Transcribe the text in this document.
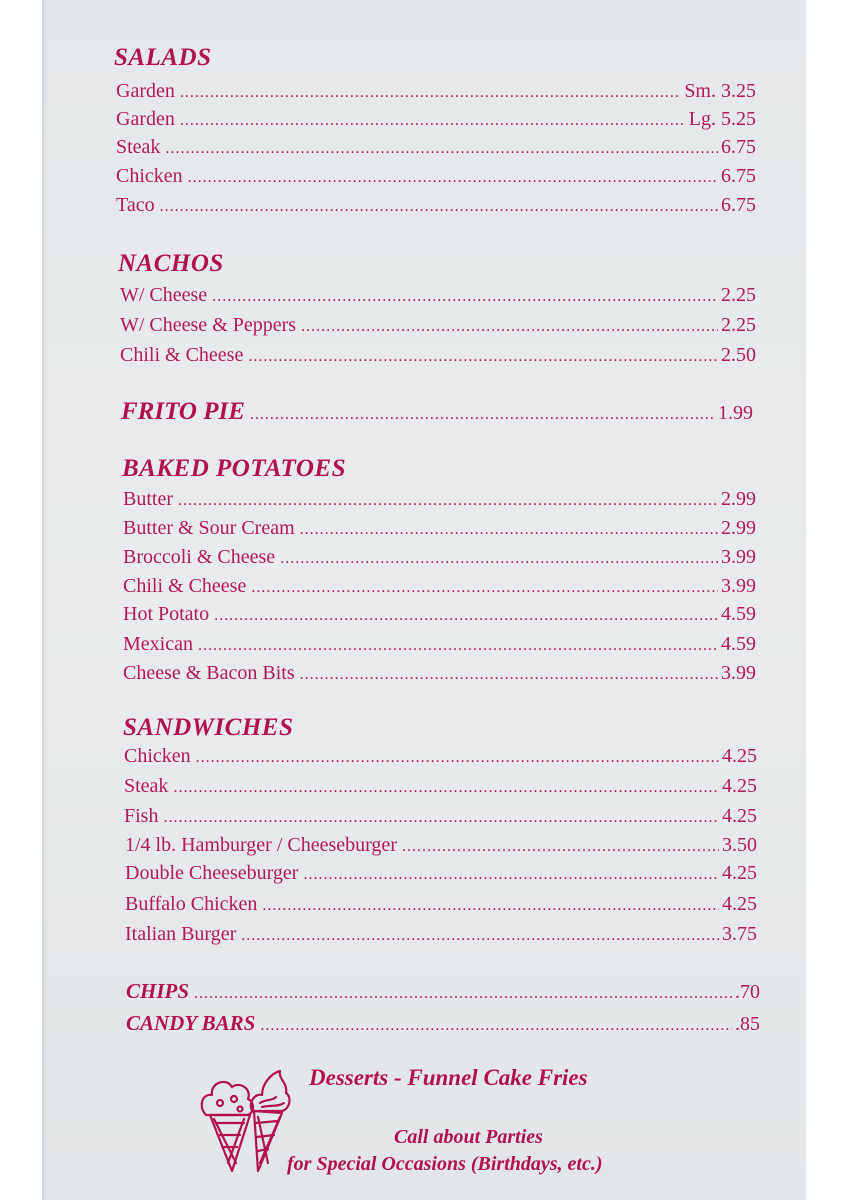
SALADS
Garden .....	Sm. 3.25
Garden .....	Lg. 5.25
Steak .....	6.75
Chicken .....	6.75
Taco .....	6.75
NACHOS
W/ Cheese .....	2.25
W/ Cheese & Peppers .....	2.25
Chili & Cheese .....	2.50
FRITO PIE .....	1.99
BAKED POTATOES
Butter .....	2.99
Butter & Sour Cream .....	2.99
Broccoli & Cheese .....	3.99
Chili & Cheese .....	3.99
Hot Potato .....	4.59
Mexican .....	4.59
Cheese & Bacon Bits .....	3.99
SANDWICHES
Chicken .....	4.25
Steak .....	4.25
Fish .....	4.25
1/4 lb. Hamburger / Cheeseburger .....	3.50
Double Cheeseburger .....	4.25
Buffalo Chicken .....	4.25
Italian Burger .....	3.75
CHIPS .....	.70
CANDY BARS .....	.85
Desserts - Funnel Cake Fries
Call about Parties
for Special Occasions (Birthdays, etc.)
